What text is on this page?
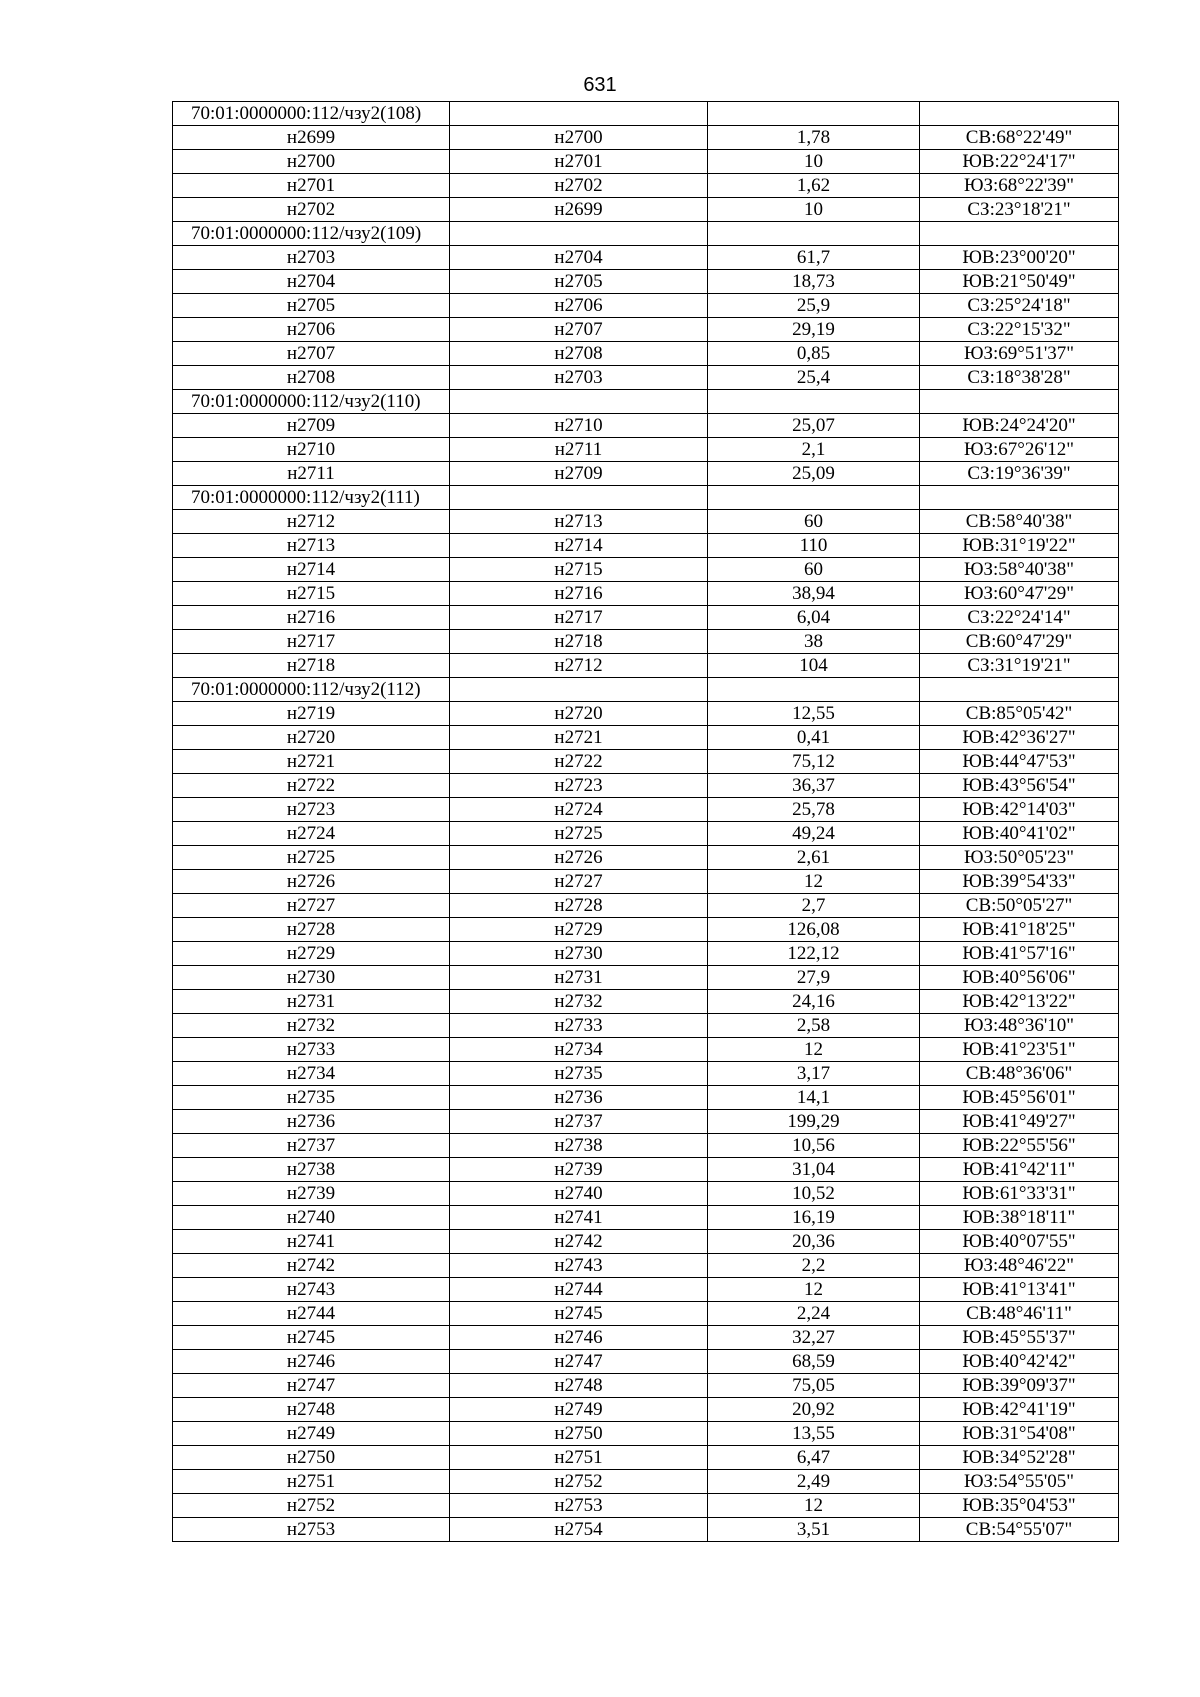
631
70:01:0000000:112/чзу2(108)			
н2699	н2700	1,78	СВ:68°22'49"
н2700	н2701	10	ЮВ:22°24'17"
н2701	н2702	1,62	ЮЗ:68°22'39"
н2702	н2699	10	СЗ:23°18'21"
70:01:0000000:112/чзу2(109)			
н2703	н2704	61,7	ЮВ:23°00'20"
н2704	н2705	18,73	ЮВ:21°50'49"
н2705	н2706	25,9	СЗ:25°24'18"
н2706	н2707	29,19	СЗ:22°15'32"
н2707	н2708	0,85	ЮЗ:69°51'37"
н2708	н2703	25,4	СЗ:18°38'28"
70:01:0000000:112/чзу2(110)			
н2709	н2710	25,07	ЮВ:24°24'20"
н2710	н2711	2,1	ЮЗ:67°26'12"
н2711	н2709	25,09	СЗ:19°36'39"
70:01:0000000:112/чзу2(111)			
н2712	н2713	60	СВ:58°40'38"
н2713	н2714	110	ЮВ:31°19'22"
н2714	н2715	60	ЮЗ:58°40'38"
н2715	н2716	38,94	ЮЗ:60°47'29"
н2716	н2717	6,04	СЗ:22°24'14"
н2717	н2718	38	СВ:60°47'29"
н2718	н2712	104	СЗ:31°19'21"
70:01:0000000:112/чзу2(112)			
н2719	н2720	12,55	СВ:85°05'42"
н2720	н2721	0,41	ЮВ:42°36'27"
н2721	н2722	75,12	ЮВ:44°47'53"
н2722	н2723	36,37	ЮВ:43°56'54"
н2723	н2724	25,78	ЮВ:42°14'03"
н2724	н2725	49,24	ЮВ:40°41'02"
н2725	н2726	2,61	ЮЗ:50°05'23"
н2726	н2727	12	ЮВ:39°54'33"
н2727	н2728	2,7	СВ:50°05'27"
н2728	н2729	126,08	ЮВ:41°18'25"
н2729	н2730	122,12	ЮВ:41°57'16"
н2730	н2731	27,9	ЮВ:40°56'06"
н2731	н2732	24,16	ЮВ:42°13'22"
н2732	н2733	2,58	ЮЗ:48°36'10"
н2733	н2734	12	ЮВ:41°23'51"
н2734	н2735	3,17	СВ:48°36'06"
н2735	н2736	14,1	ЮВ:45°56'01"
н2736	н2737	199,29	ЮВ:41°49'27"
н2737	н2738	10,56	ЮВ:22°55'56"
н2738	н2739	31,04	ЮВ:41°42'11"
н2739	н2740	10,52	ЮВ:61°33'31"
н2740	н2741	16,19	ЮВ:38°18'11"
н2741	н2742	20,36	ЮВ:40°07'55"
н2742	н2743	2,2	ЮЗ:48°46'22"
н2743	н2744	12	ЮВ:41°13'41"
н2744	н2745	2,24	СВ:48°46'11"
н2745	н2746	32,27	ЮВ:45°55'37"
н2746	н2747	68,59	ЮВ:40°42'42"
н2747	н2748	75,05	ЮВ:39°09'37"
н2748	н2749	20,92	ЮВ:42°41'19"
н2749	н2750	13,55	ЮВ:31°54'08"
н2750	н2751	6,47	ЮВ:34°52'28"
н2751	н2752	2,49	ЮЗ:54°55'05"
н2752	н2753	12	ЮВ:35°04'53"
н2753	н2754	3,51	СВ:54°55'07"
